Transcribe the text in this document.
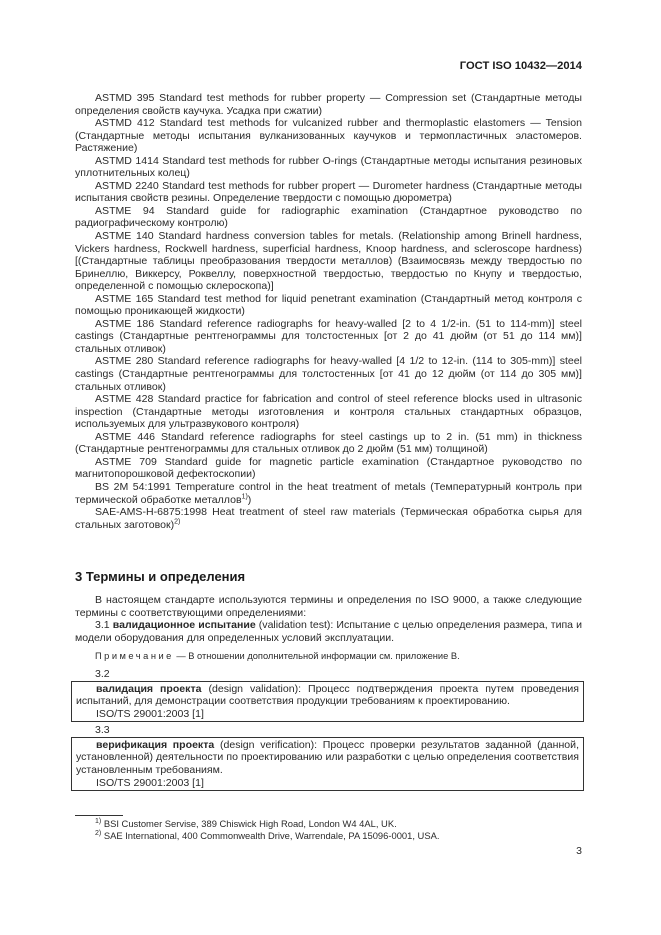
ГОСТ ISO 10432—2014

ASTMD 395 Standard test methods for rubber property — Compression set (Стандартные методы определения свойств каучука. Усадка при сжатии)

ASTMD 412 Standard test methods for vulcanized rubber and thermoplastic elastomers — Tension (Стандартные методы испытания вулканизованных каучуков и термопластичных эластомеров. Растяжение)

ASTMD 1414 Standard test methods for rubber O-rings (Стандартные методы испытания резиновых уплотнительных колец)

ASTMD 2240 Standard test methods for rubber propert — Durometer hardness (Стандартные методы испытания свойств резины. Определение твердости с помощью дюрометра)

ASTME 94 Standard guide for radiographic examination (Стандартное руководство по радиографическому контролю)

ASTME 140 Standard hardness conversion tables for metals. (Relationship among Brinell hardness, Vickers hardness, Rockwell hardness, superficial hardness, Knoop hardness, and scleroscope hardness) [(Стандартные таблицы преобразования твердости металлов) (Взаимосвязь между твердостью по Бринеллю, Виккерсу, Роквеллу, поверхностной твердостью, твердостью по Кнупу и твердостью, определенной с помощью склероскопа)]

ASTME 165 Standard test method for liquid penetrant examination (Стандартный метод контроля с помощью проникающей жидкости)

ASTME 186 Standard reference radiographs for heavy-walled [2 to 4 1/2-in. (51 to 114-mm)] steel castings (Стандартные рентгенограммы для толстостенных [от 2 до 41 дюйм (от 51 до 114 мм)] стальных отливок)

ASTME 280 Standard reference radiographs for heavy-walled [4 1/2 to 12-in. (114 to 305-mm)] steel castings (Стандартные рентгенограммы для толстостенных [от 41 до 12 дюйм (от 114 до 305 мм)] стальных отливок)

ASTME 428 Standard practice for fabrication and control of steel reference blocks used in ultrasonic inspection (Стандартные методы изготовления и контроля стальных стандартных образцов, используемых для ультразвукового контроля)

ASTME 446 Standard reference radiographs for steel castings up to 2 in. (51 mm) in thickness (Стандартные рентгенограммы для стальных отливок до 2 дюйм (51 мм) толщиной)

ASTME 709 Standard guide for magnetic particle examination (Стандартное руководство по магнитопорошковой дефектоскопии)

BS 2M 54:1991 Temperature control in the heat treatment of metals (Температурный контроль при термической обработке металлов$^{1)}$)

SAE-AMS-H-6875:1998 Heat treatment of steel raw materials (Термическая обработка сырья для стальных заготовок)$^{2)}$

3 Термины и определения

В настоящем стандарте используются термины и определения по ISO 9000, а также следующие термины с соответствующими определениями:

3.1 валидационное испытание (validation test): Испытание с целью определения размера, типа и модели оборудования для определенных условий эксплуатации.

Примечание — В отношении дополнительной информации см. приложение В.

3.2

валидация проекта (design validation): Процесс подтверждения проекта путем проведения испытаний, для демонстрации соответствия продукции требованиям к проектированию.

ISO/TS 29001:2003 [1]

3.3

верификация проекта (design verification): Процесс проверки результатов заданной (данной, установленной) деятельности по проектированию или разработки с целью определения соответствия установленным требованиям.

ISO/TS 29001:2003 [1]

$^{1)}$ BSI Customer Servise, 389 Chiswick High Road, London W4 4AL, UK.
$^{2)}$ SAE International, 400 Commonwealth Drive, Warrendale, PA 15096-0001, USA.
3
